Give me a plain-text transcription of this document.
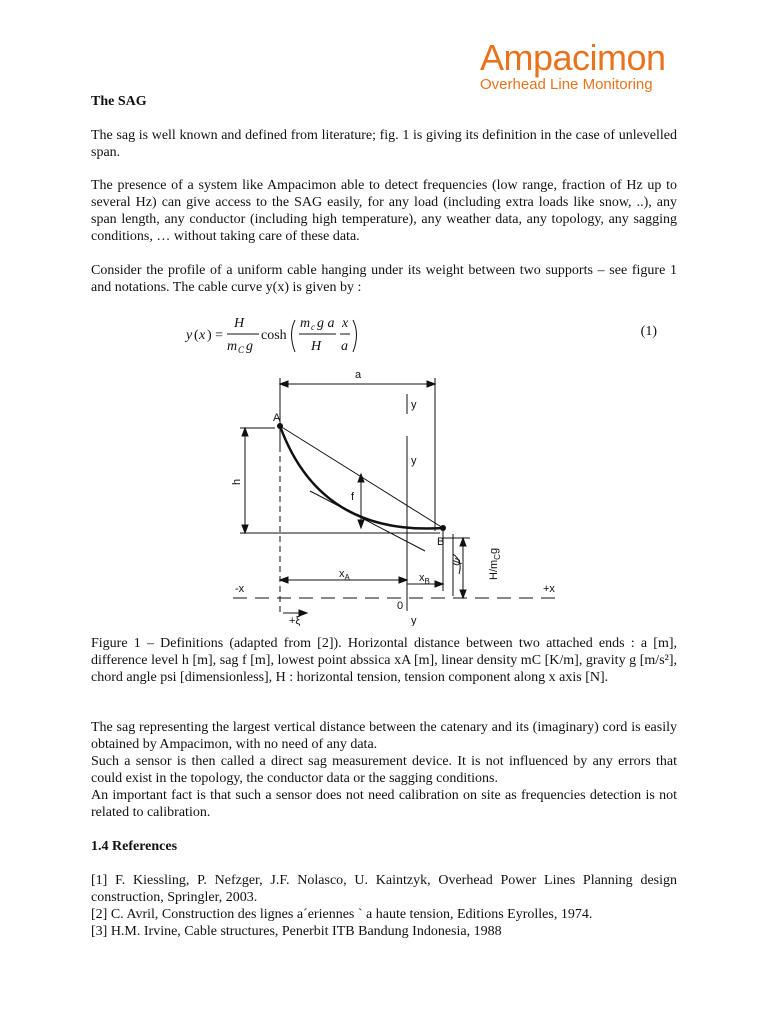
Ampacimon
Overhead Line Monitoring

The SAG

The sag is well known and defined from literature; fig. 1 is giving its definition in the case of unlevelled span.

The presence of a system like Ampacimon able to detect frequencies (low range, fraction of Hz up to several Hz) can give access to the SAG easily, for any load (including extra loads like snow, ..), any span length, any conductor (including high temperature), any weather data, any topology, any sagging conditions, … without taking care of these data.

Consider the profile of a uniform cable hanging under its weight between two supports – see figure 1 and notations. The cable curve y(x) is given by :

y ( x ) =
H
m C g
cosh
m c g a
H
x
a
(1)
a
y
A
h
f
B
ψ $H/m_Cg$
-x	+x
$x_A$	$x_B$
0
y
y
+ξ

Figure 1 – Definitions (adapted from [2]). Horizontal distance between two attached ends : a [m], difference level h [m], sag f [m], lowest point abssica xA [m], linear density mC [K/m], gravity g [m/s²], chord angle psi [dimensionless], H : horizontal tension, tension component along x axis [N].

The sag representing the largest vertical distance between the catenary and its (imaginary) cord is easily obtained by Ampacimon, with no need of any data.

Such a sensor is then called a direct sag measurement device. It is not influenced by any errors that could exist in the topology, the conductor data or the sagging conditions.

An important fact is that such a sensor does not need calibration on site as frequencies detection is not related to calibration.

1.4 References

[1] F. Kiessling, P. Nefzger, J.F. Nolasco, U. Kaintzyk, Overhead Power Lines Planning design construction, Springler, 2003.

[2] C. Avril, Construction des lignes a´eriennes ` a haute tension, Editions Eyrolles, 1974.

[3] H.M. Irvine, Cable structures, Penerbit ITB Bandung Indonesia, 1988
